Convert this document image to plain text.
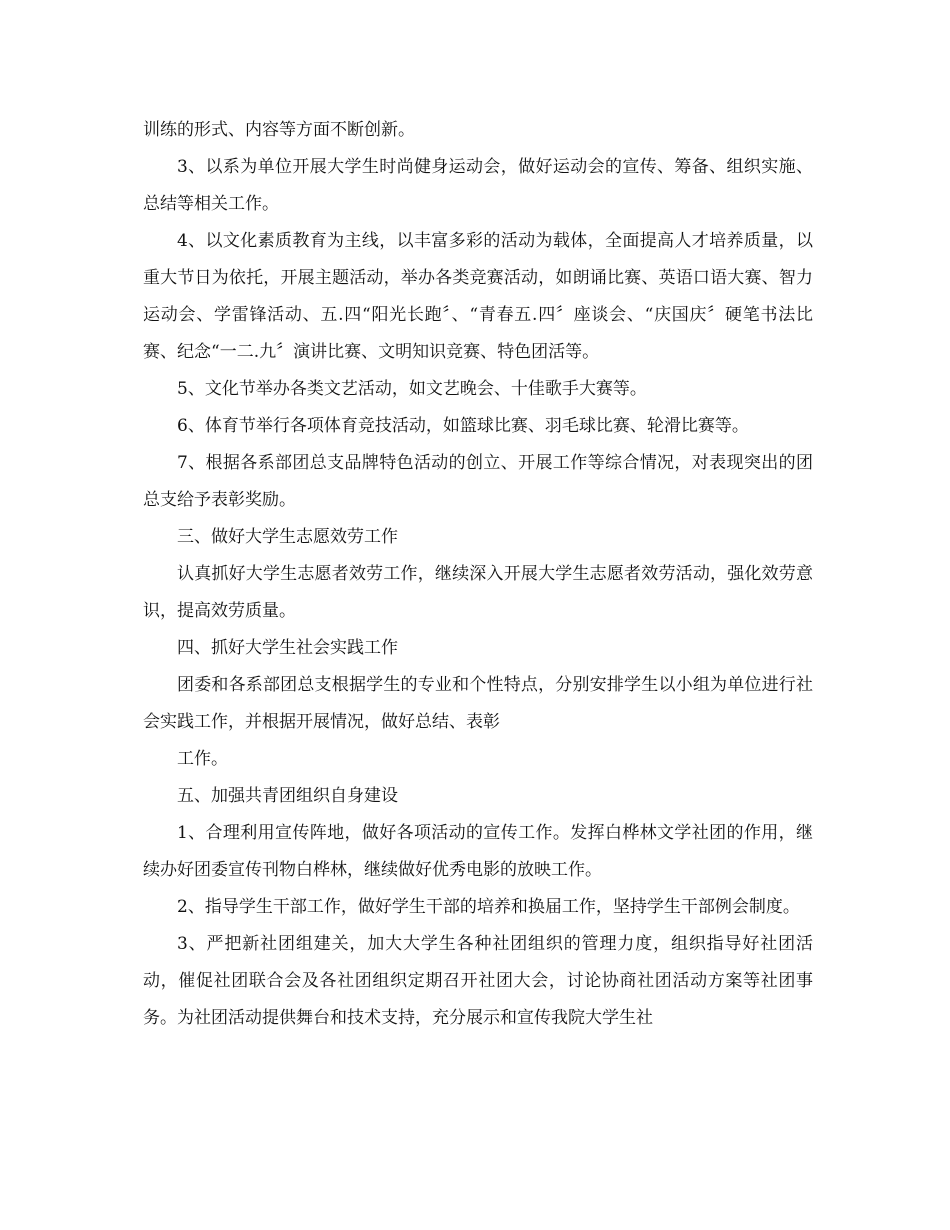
训练的形式、内容等方面不断创新。

3、以系为单位开展大学生时尚健身运动会，做好运动会的宣传、筹备、组织实施、总结等相关工作。

4、以文化素质教育为主线，以丰富多彩的活动为载体，全面提高人才培养质量，以重大节日为依托，开展主题活动，举办各类竞赛活动，如朗诵比赛、英语口语大赛、智力运动会、学雷锋活动、五.四“阳光长跑〞、“青春五.四〞座谈会、“庆国庆〞硬笔书法比赛、纪念“一二.九〞演讲比赛、文明知识竞赛、特色团活等。

5、文化节举办各类文艺活动，如文艺晚会、十佳歌手大赛等。

6、体育节举行各项体育竞技活动，如篮球比赛、羽毛球比赛、轮滑比赛等。

7、根据各系部团总支品牌特色活动的创立、开展工作等综合情况，对表现突出的团总支给予表彰奖励。

三、做好大学生志愿效劳工作

认真抓好大学生志愿者效劳工作，继续深入开展大学生志愿者效劳活动，强化效劳意识，提高效劳质量。

四、抓好大学生社会实践工作

团委和各系部团总支根据学生的专业和个性特点，分别安排学生以小组为单位进行社会实践工作，并根据开展情况，做好总结、表彰

工作。

五、加强共青团组织自身建设

1、合理利用宣传阵地，做好各项活动的宣传工作。发挥白桦林文学社团的作用，继续办好团委宣传刊物白桦林，继续做好优秀电影的放映工作。

2、指导学生干部工作，做好学生干部的培养和换届工作，坚持学生干部例会制度。

3、严把新社团组建关，加大大学生各种社团组织的管理力度，组织指导好社团活动，催促社团联合会及各社团组织定期召开社团大会，讨论协商社团活动方案等社团事务。为社团活动提供舞台和技术支持，充分展示和宣传我院大学生社
